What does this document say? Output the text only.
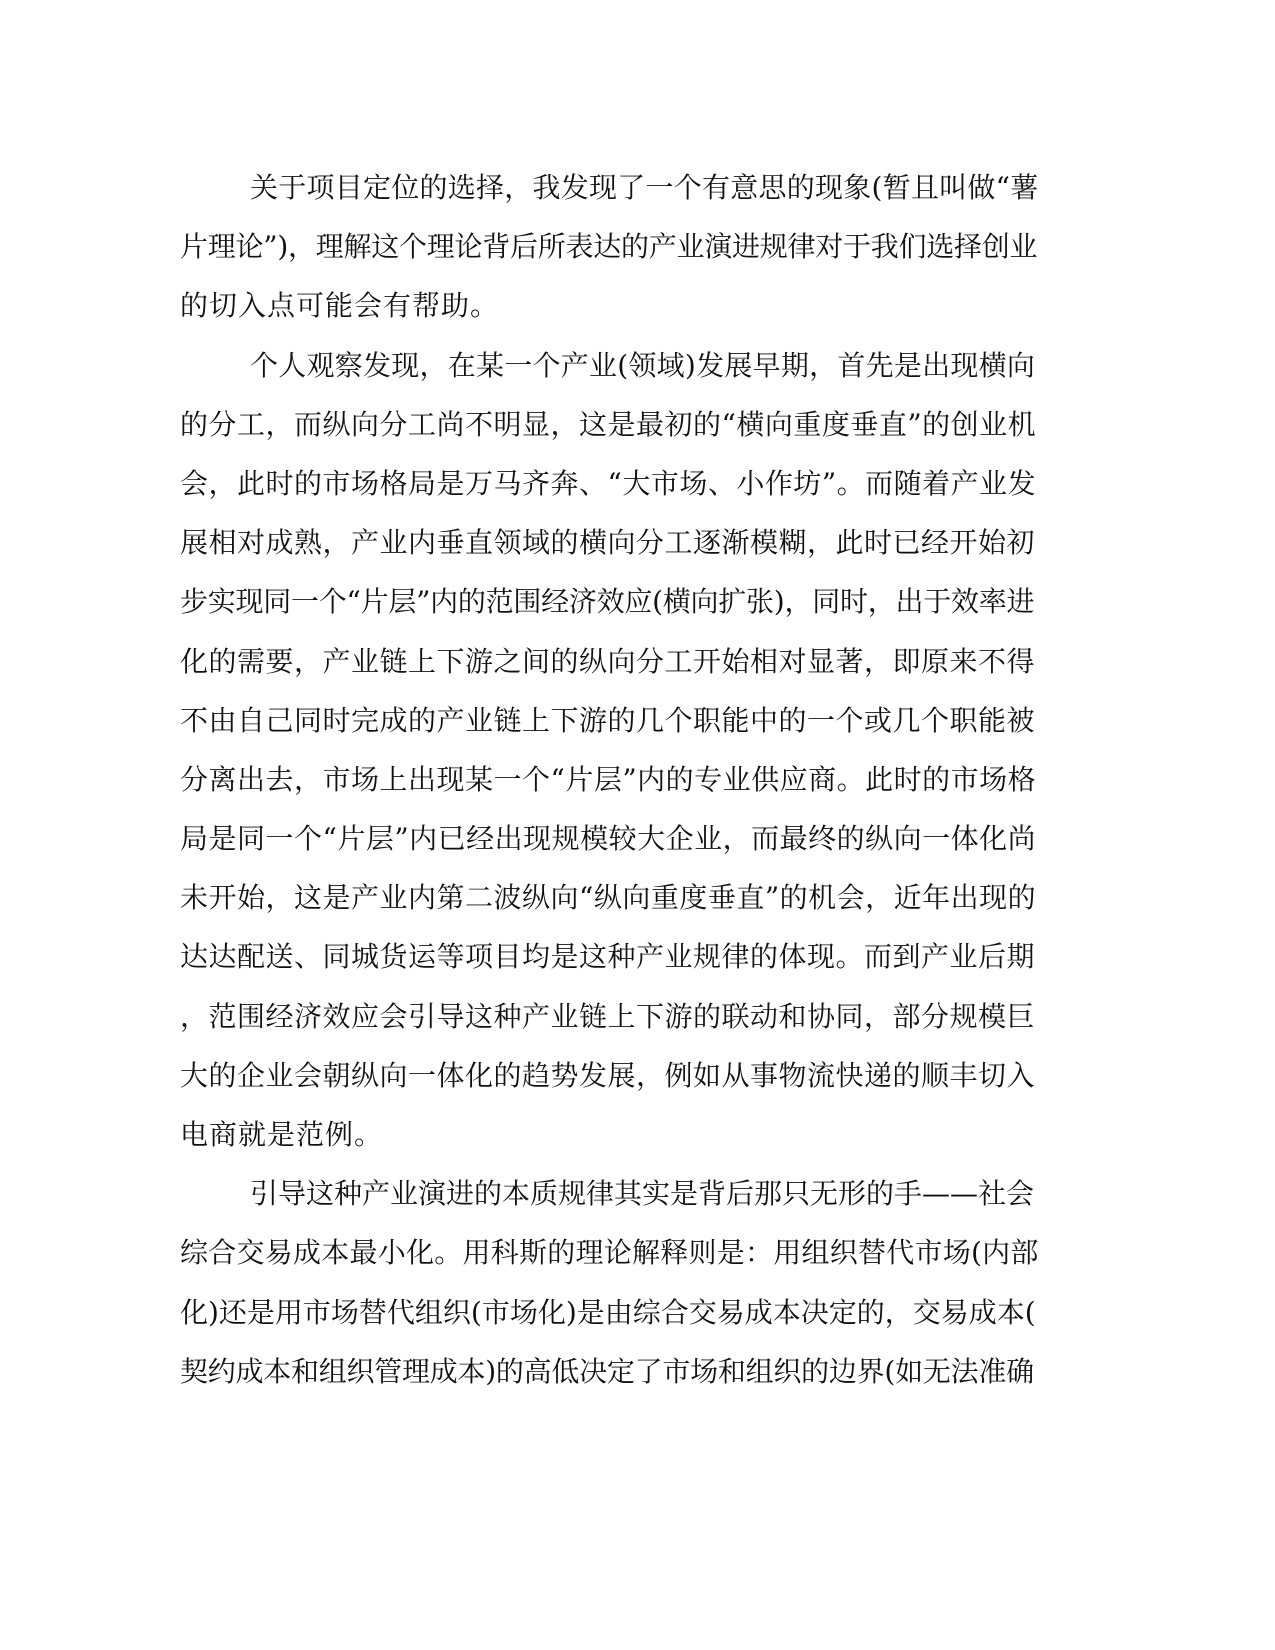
关于项目定位的选择，我发现了一个有意思的现象(暂且叫做“薯
片理论”)，理解这个理论背后所表达的产业演进规律对于我们选择创业
的切入点可能会有帮助。
个人观察发现，在某一个产业(领域)发展早期，首先是出现横向
的分工，而纵向分工尚不明显，这是最初的“横向重度垂直”的创业机
会，此时的市场格局是万马齐奔、“大市场、小作坊”。而随着产业发
展相对成熟，产业内垂直领域的横向分工逐渐模糊，此时已经开始初
步实现同一个“片层”内的范围经济效应(横向扩张)，同时，出于效率进
化的需要，产业链上下游之间的纵向分工开始相对显著，即原来不得
不由自己同时完成的产业链上下游的几个职能中的一个或几个职能被
分离出去，市场上出现某一个“片层”内的专业供应商。此时的市场格
局是同一个“片层”内已经出现规模较大企业，而最终的纵向一体化尚
未开始，这是产业内第二波纵向“纵向重度垂直”的机会，近年出现的
达达配送、同城货运等项目均是这种产业规律的体现。而到产业后期
，范围经济效应会引导这种产业链上下游的联动和协同，部分规模巨
大的企业会朝纵向一体化的趋势发展，例如从事物流快递的顺丰切入
电商就是范例。
引导这种产业演进的本质规律其实是背后那只无形的手——社会
综合交易成本最小化。用科斯的理论解释则是：用组织替代市场(内部
化)还是用市场替代组织(市场化)是由综合交易成本决定的，交易成本(
契约成本和组织管理成本)的高低决定了市场和组织的边界(如无法准确
